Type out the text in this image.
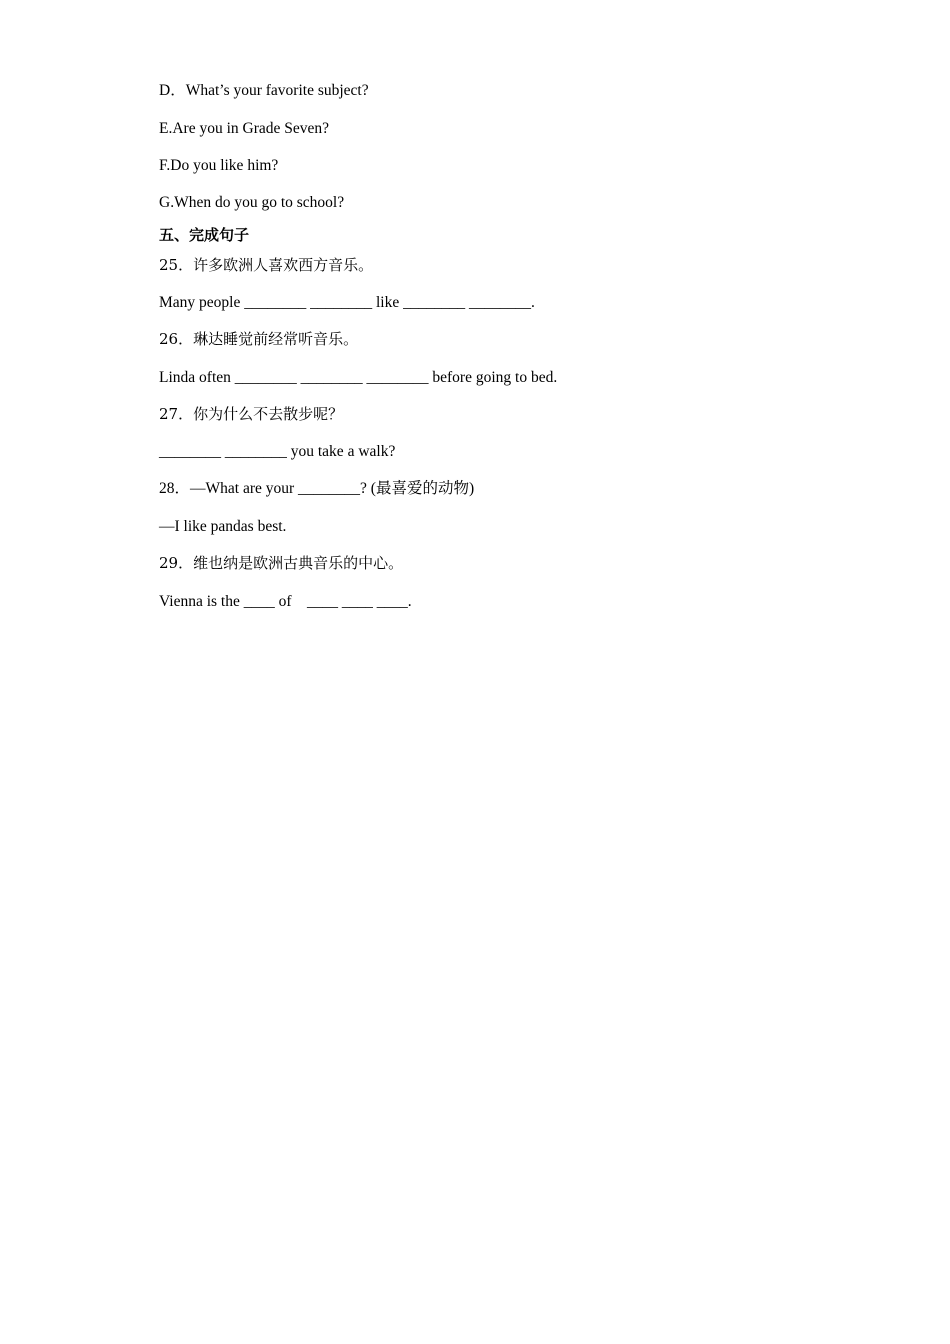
D．What’s your favorite subject?
E.Are you in Grade Seven?
F.Do you like him?
G.When do you go to school?
五、完成句子
25．许多欧洲人喜欢西方音乐。
Many people ________ ________ like ________ ________.
26．琳达睡觉前经常听音乐。
Linda often ________ ________ ________ before going to bed.
27．你为什么不去散步呢？
________ ________ you take a walk?
28．—What are your ________? (最喜爱的动物)
—I like pandas best.
29．维也纳是欧洲古典音乐的中心。
Vienna is the ____ of    ____ ____ ____.
